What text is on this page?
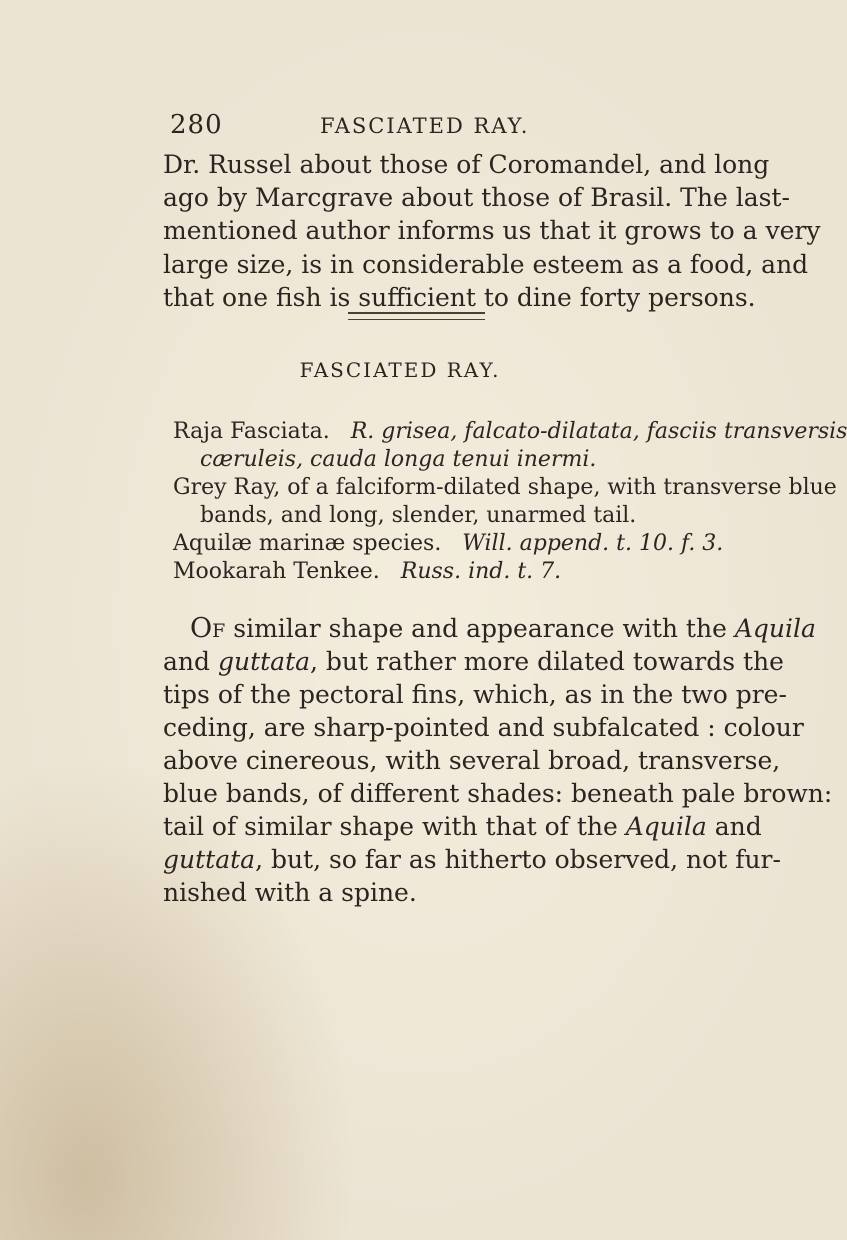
280	FASCIATED RAY.

Dr. Russel about those of Coromandel, and long

ago by Marcgrave about those of Brasil. The last-

mentioned author informs us that it grows to a very

large size, is in considerable esteem as a food, and

that one fish is sufficient to dine forty persons.

FASCIATED RAY.

Raja Fasciata. R. grisea, falcato-dilatata, fasciis transversis

cæruleis, cauda longa tenui inermi.

Grey Ray, of a falciform-dilated shape, with transverse blue

bands, and long, slender, unarmed tail.

Aquilæ marinæ species. Will. append. t. 10. f. 3.

Mookarah Tenkee. Russ. ind. t. 7.

Of similar shape and appearance with the Aquila

and guttata, but rather more dilated towards the

tips of the pectoral fins, which, as in the two pre-

ceding, are sharp-pointed and subfalcated : colour

above cinereous, with several broad, transverse,

blue bands, of different shades: beneath pale brown:

tail of similar shape with that of the Aquila and

guttata, but, so far as hitherto observed, not fur-

nished with a spine.
